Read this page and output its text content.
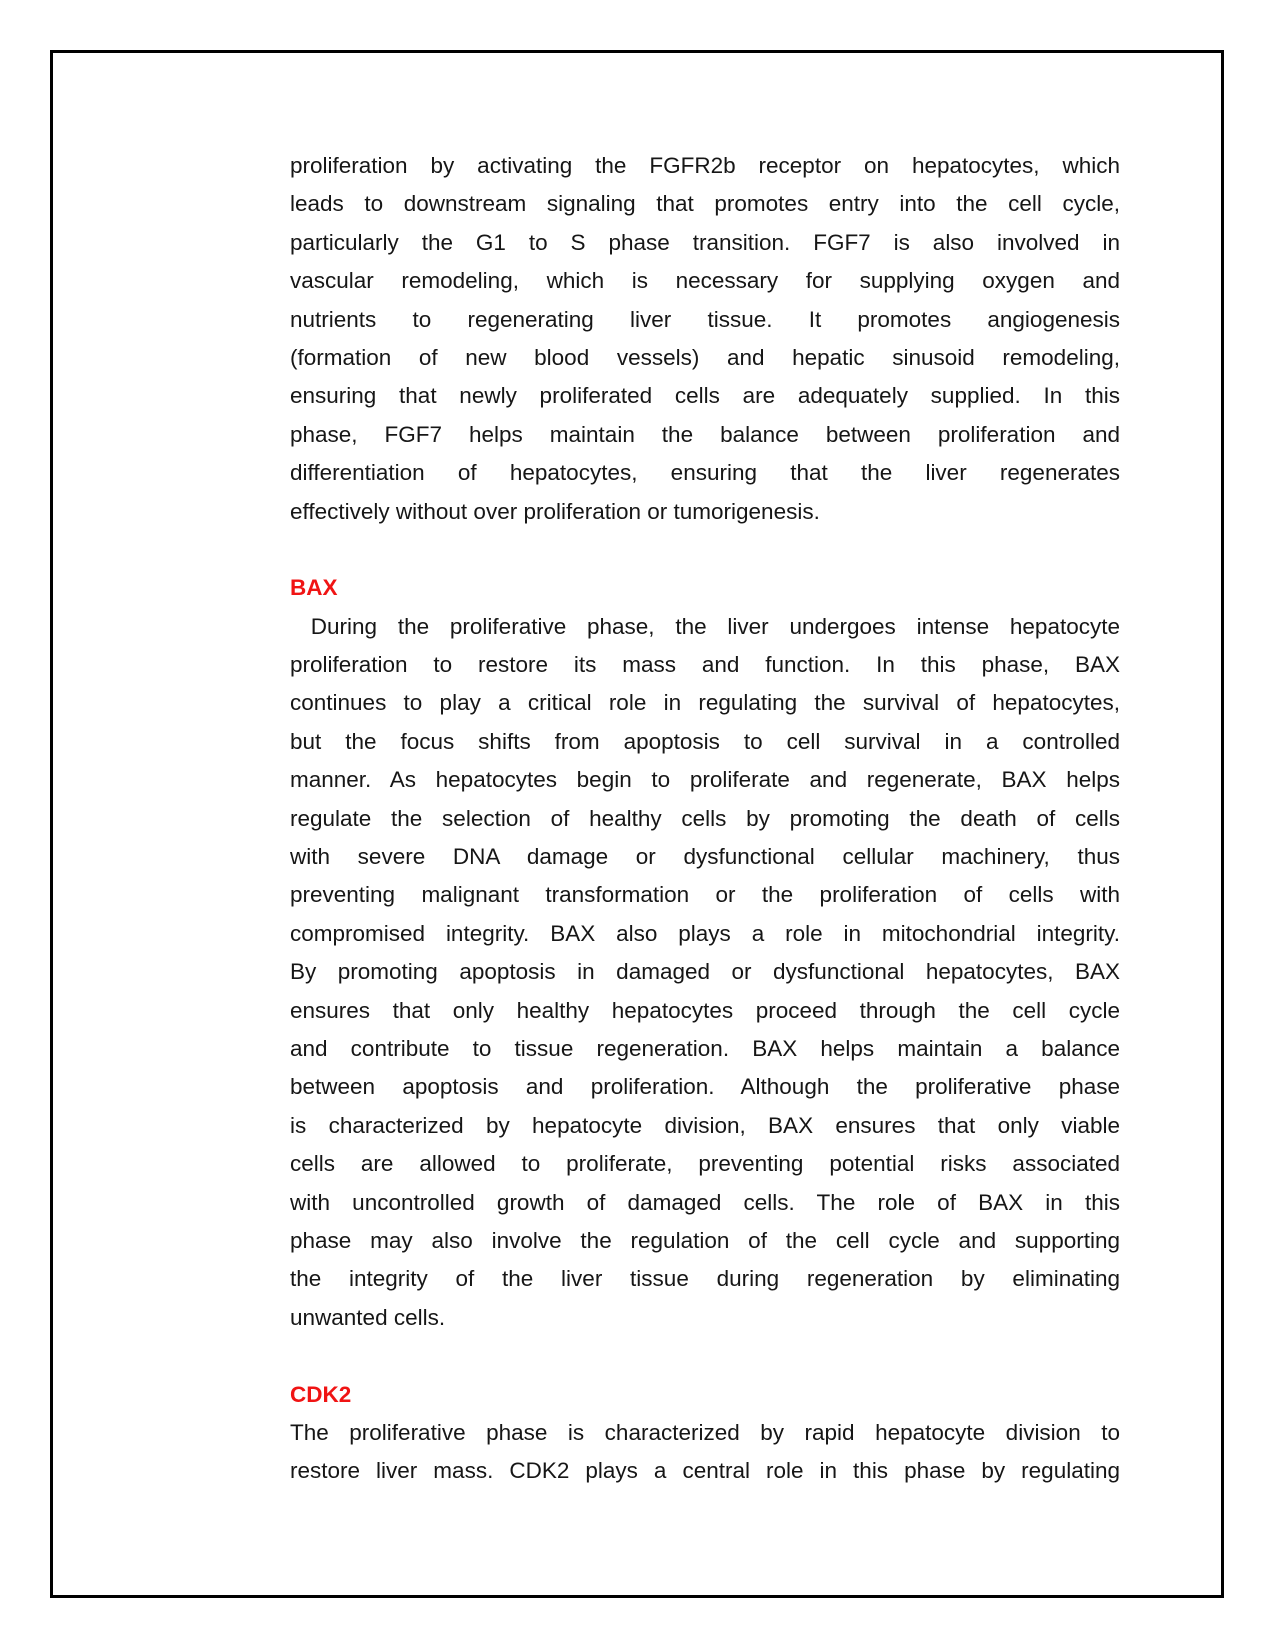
proliferation by activating the FGFR2b receptor on hepatocytes, which
leads to downstream signaling that promotes entry into the cell cycle,
particularly the G1 to S phase transition. FGF7 is also involved in
vascular remodeling, which is necessary for supplying oxygen and
nutrients to regenerating liver tissue. It promotes angiogenesis
(formation of new blood vessels) and hepatic sinusoid remodeling,
ensuring that newly proliferated cells are adequately supplied. In this
phase, FGF7 helps maintain the balance between proliferation and
differentiation of hepatocytes, ensuring that the liver regenerates
effectively without over proliferation or tumorigenesis.
BAX
During the proliferative phase, the liver undergoes intense hepatocyte
proliferation to restore its mass and function. In this phase, BAX
continues to play a critical role in regulating the survival of hepatocytes,
but the focus shifts from apoptosis to cell survival in a controlled
manner. As hepatocytes begin to proliferate and regenerate, BAX helps
regulate the selection of healthy cells by promoting the death of cells
with severe DNA damage or dysfunctional cellular machinery, thus
preventing malignant transformation or the proliferation of cells with
compromised integrity. BAX also plays a role in mitochondrial integrity.
By promoting apoptosis in damaged or dysfunctional hepatocytes, BAX
ensures that only healthy hepatocytes proceed through the cell cycle
and contribute to tissue regeneration. BAX helps maintain a balance
between apoptosis and proliferation. Although the proliferative phase
is characterized by hepatocyte division, BAX ensures that only viable
cells are allowed to proliferate, preventing potential risks associated
with uncontrolled growth of damaged cells. The role of BAX in this
phase may also involve the regulation of the cell cycle and supporting
the integrity of the liver tissue during regeneration by eliminating
unwanted cells.
CDK2
The proliferative phase is characterized by rapid hepatocyte division to
restore liver mass. CDK2 plays a central role in this phase by regulating
